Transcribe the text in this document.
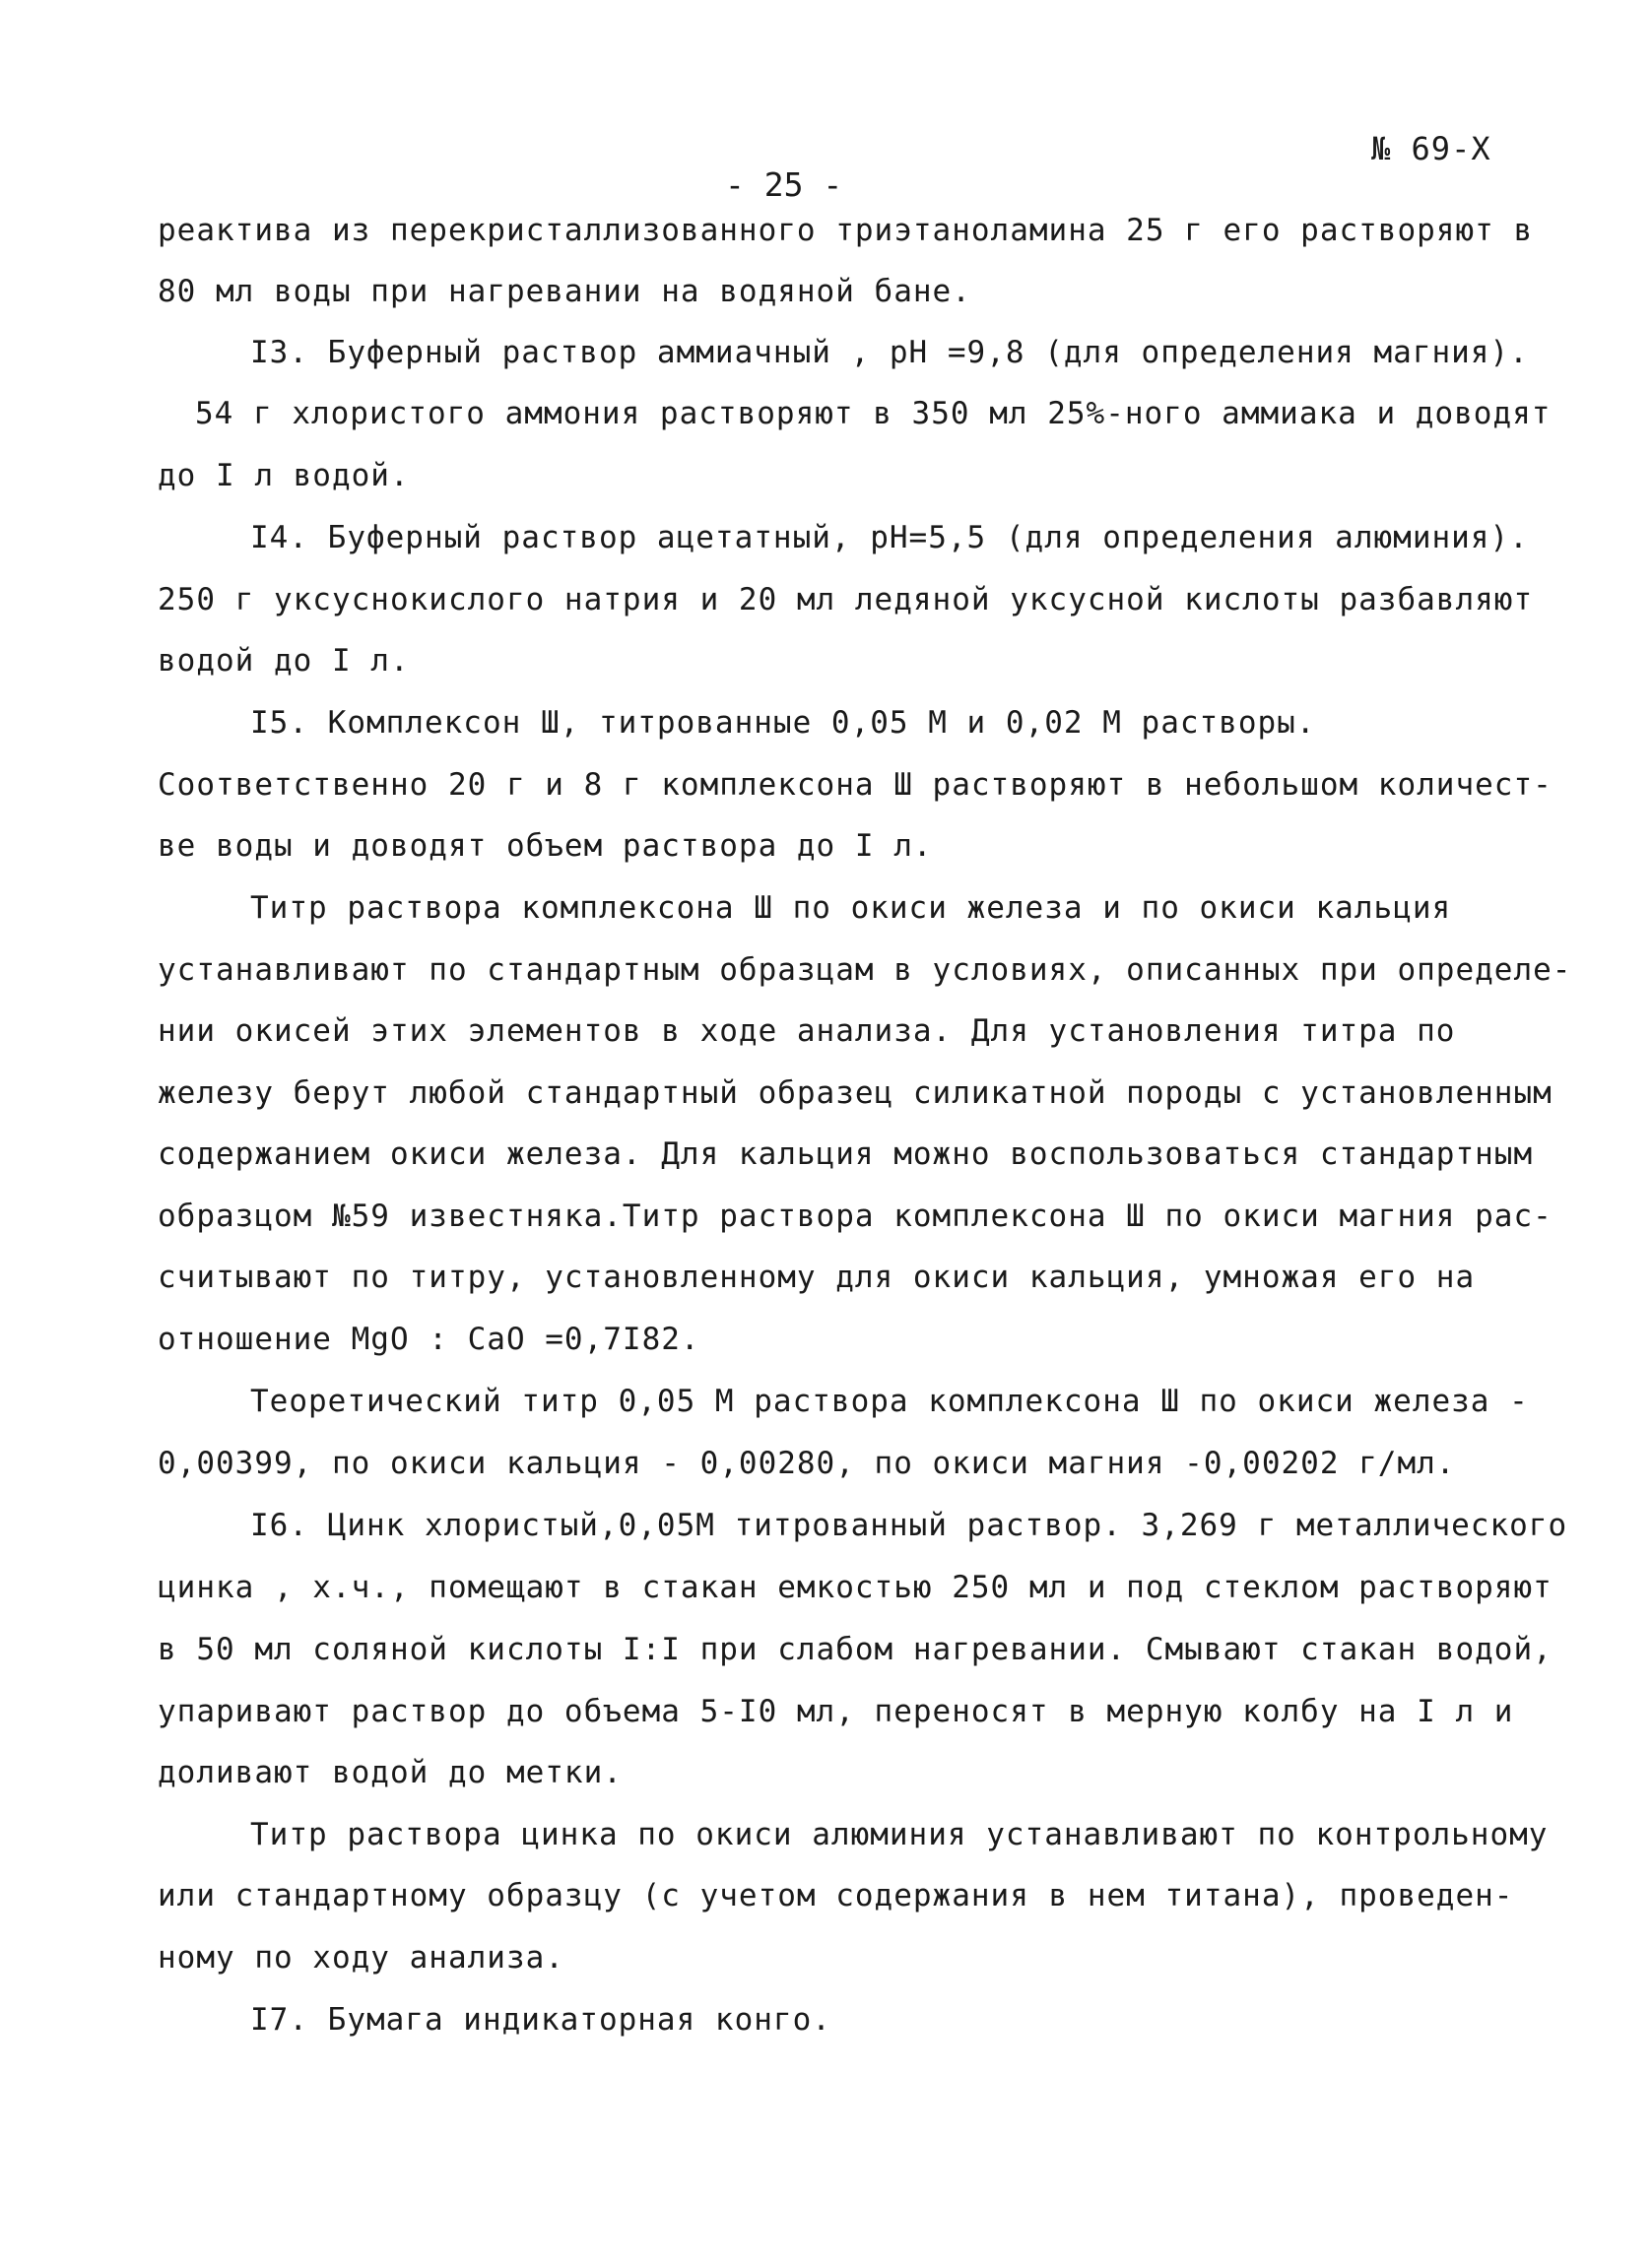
№ 69-Х
- 25 -
реактива из перекристаллизованного триэтаноламина 25 г его растворяют в
80 мл воды при нагревании на водяной бане.
I3. Буферный раствор аммиачный , pH =9,8 (для определения магния).
54 г хлористого аммония растворяют в 350 мл 25%-ного аммиака и доводят
до I л водой.
I4. Буферный раствор ацетатный, pH=5,5 (для определения алюминия).
250 г уксуснокислого натрия и 20 мл ледяной уксусной кислоты разбавляют
водой до I л.
I5. Комплексон Ш, титрованные 0,05 М и 0,02 М растворы.
Соответственно 20 г и 8 г комплексона Ш растворяют в небольшом количест-
ве воды и доводят объем раствора до I л.
Титр раствора комплексона Ш по окиси железа и по окиси кальция
устанавливают по стандартным образцам в условиях, описанных при определе-
нии окисей этих элементов в ходе анализа. Для установления титра по
железу берут любой стандартный образец силикатной породы с установленным
содержанием окиси железа. Для кальция можно воспользоваться стандартным
образцом №59 известняка.Титр раствора комплексона Ш по окиси магния рас-
считывают по титру, установленному для окиси кальция, умножая его на
отношение MgO : CaO =0,7I82.
Теоретический титр 0,05 М раствора комплексона Ш по окиси железа -
0,00399, по окиси кальция - 0,00280, по окиси магния -0,00202 г/мл.
I6. Цинк хлористый,0,05М титрованный раствор. 3,269 г металлического
цинка , х.ч., помещают в стакан емкостью 250 мл и под стеклом растворяют
в 50 мл соляной кислоты I:I при слабом нагревании. Смывают стакан водой,
упаривают раствор до объема 5-I0 мл, переносят в мерную колбу на I л и
доливают водой до метки.
Титр раствора цинка по окиси алюминия устанавливают по контрольному
или стандартному образцу (с учетом содержания в нем титана), проведен-
ному по ходу анализа.
I7. Бумага индикаторная конго.
